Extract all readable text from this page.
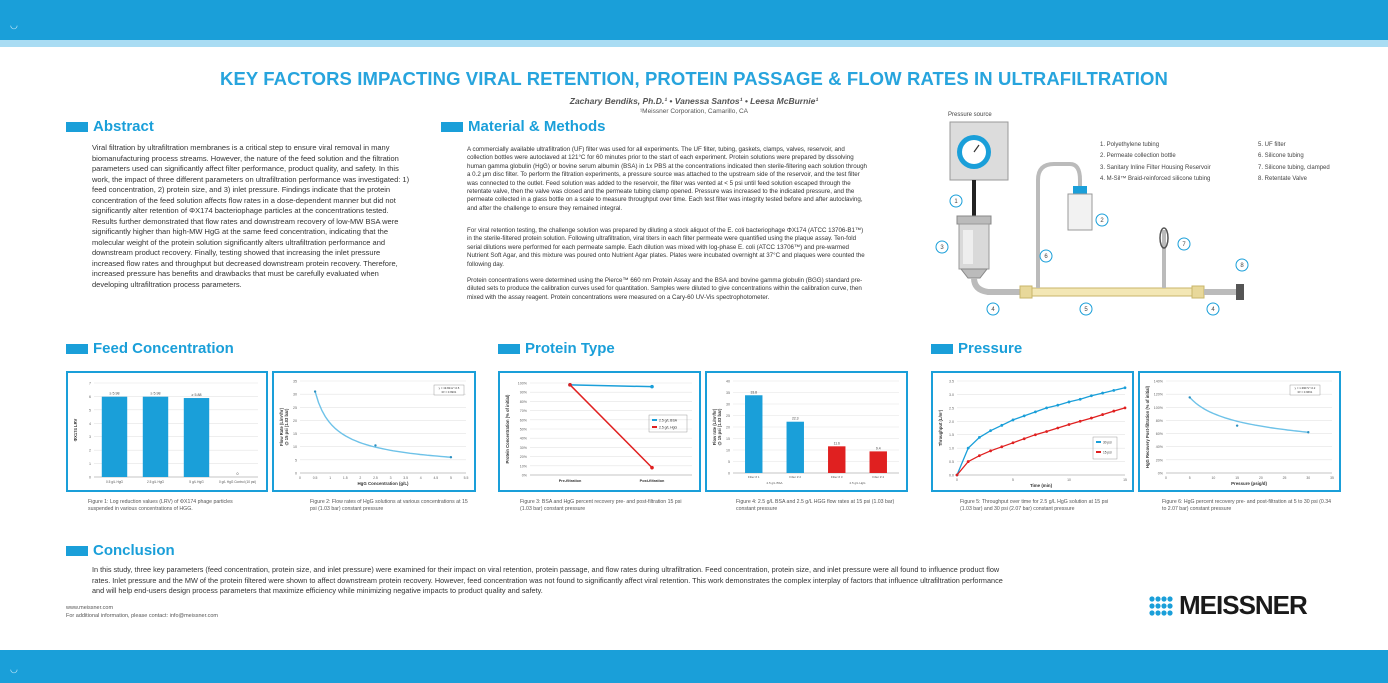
◡
◡
KEY FACTORS IMPACTING VIRAL RETENTION, PROTEIN PASSAGE & FLOW RATES IN ULTRAFILTRATION
Zachary Bendiks, Ph.D.¹ • Vanessa Santos¹ • Leesa McBurnie¹
¹Meissner Corporation, Camarillo, CA
Abstract
Viral filtration by ultrafiltration membranes is a critical step to ensure viral removal in many biomanufacturing process streams. However, the nature of the feed solution and the filtration parameters used can significantly affect filter performance, product quality, and safety. In this work, the impact of three different parameters on ultrafiltration performance was investigated: 1) feed concentration, 2) protein size, and 3) inlet pressure. Findings indicate that the protein concentration of the feed solution affects flow rates in a dose-dependent manner but did not significantly alter retention of ΦX174 bacteriophage particles at the concentrations tested. Results further demonstrated that flow rates and downstream recovery of low-MW BSA were significantly higher than high-MW HgG at the same feed concentration, indicating that the molecular weight of the protein solution significantly alters ultrafiltration performance and downstream product recovery. Finally, testing showed that increasing the inlet pressure increased flow rates and throughput but decreased downstream protein recovery. Therefore, increased pressure has benefits and drawbacks that must be carefully evaluated when developing ultrafiltration process parameters.
Material & Methods
A commercially available ultrafiltration (UF) filter was used for all experiments. The UF filter, tubing, gaskets, clamps, valves, reservoir, and collection bottles were autoclaved at 121°C for 60 minutes prior to the start of each experiment. Protein solutions were prepared by dissolving human gamma globulin (HgG) or bovine serum albumin (BSA) in 1x PBS at the concentrations indicated then sterile-filtering each solution through a 0.2 µm disc filter. To perform the filtration experiments, a pressure source was attached to the upstream side of the reservoir, and the test filter was connected to the outlet. Feed solution was added to the reservoir, the filter was vented at < 5 psi until feed solution escaped through the retentate valve, then the valve was closed and the permeate tubing clamp opened. Pressure was increased to the indicated pressure, and the permeate collected in a glass bottle on a scale to measure throughput over time. Each test filter was integrity tested before and after autoclaving, and after the challenge to ensure they remained integral.
For viral retention testing, the challenge solution was prepared by diluting a stock aliquot of the E. coli bacteriophage ΦX174 (ATCC 13706-B1™) in the sterile-filtered protein solution. Following ultrafiltration, viral titers in each filter permeate were quantified using the plaque assay. Ten-fold serial dilutions were performed for each permeate sample. Each dilution was mixed with log-phase E. coli (ATCC 13706™) and pre-warmed Nutrient Soft Agar, and this mixture was poured onto Nutrient Agar plates. Plates were incubated overnight at 37°C and plaques were counted the following day.
Protein concentrations were determined using the Pierce™ 660 nm Protein Assay and the BSA and bovine gamma globulin (BGG) standard pre-diluted sets to produce the calibration curves used for quantitation. Samples were diluted to give concentrations within the calibration curve, then mixed with the assay reagent. Protein concentrations were measured on a Cary-60 UV-Vis spectrophotometer.
Pressure source
1
2
3
4	4
5
6
7
8
1. Polyethylene tubing
2. Permeate collection bottle
3. Sanitary Inline Filter Housing Reservoir
4. M-Sil™ Braid-reinforced silicone tubing
5. UF filter
6. Silicone tubing
7. Silicone tubing, clamped
8. Retentate Valve
Feed Concentration	Protein Type	Pressure
0
1
2
3
4
5
6
7
ΦX174 LRV
≥ 5.98
0.5 g/L HgG
≥ 5.98
2.5 g/L HgG
≥ 5.88
5 g/L HgG
0
0 g/L HgG Control (10 psi)
0
5
10
15
20
25
30
35
Flow Rate (L/m²/hr) @ 15 psi (1.03 bar)
0	0.5	1	1.5	2	2.5	3	3.5	4	4.5	5	5.5
HgG Concentration (g/L)
y = 19.821x^-0.5
R² = 0.9901
0%
10%
20%
30%
40%
50%
60%
70%
80%
90%
100%
Protein Concentration (% of initial)
Pre-filtration	Post-filtration
2.5 g/L BSA
2.5 g/L HgG
0
5
10
15
20
25
30
35
40
Flow rate (L/m²/hr) @ 15 psi (1.03 bar)
33.8
Filter # 1
22.3
Filter # 2
11.6
Filter # 3
9.4
Filter # 4
2.5 g/L BSA	2.5 g/L HgG
0.0
0.5
1.0
1.5
2.0
2.5
3.0
3.5
Throughput (L/m²)
0	5	10	15
Time (min)
30 psi
15 psi
0%
20%
40%
60%
80%
100%
120%
140%
HgG Recovery Post-filtration (% of initial)
0	5	10	15	20	25	30	35
Pressure (psig/d)
y = 1.3907x^-0.2
R² = 0.9661
Figure 1: Log reduction values (LRV) of ΦX174 phage particles suspended in various concentrations of HGG.
Figure 2: Flow rates of HgG solutions at various concentrations at 15 psi (1.03 bar) constant pressure
Figure 3: BSA and HgG percent recovery pre- and post-filtration 15 psi (1.03 bar) constant pressure
Figure 4: 2.5 g/L BSA and 2.5 g/L HGG flow rates at 15 psi (1.03 bar) constant pressure
Figure 5: Throughput over time for 2.5 g/L HgG solution at 15 psi (1.03 bar) and 30 psi (2.07 bar) constant pressure
Figure 6: HgG percent recovery pre- and post-filtration at 5 to 30 psi (0.34 to 2.07 bar) constant pressure
Conclusion
In this study, three key parameters (feed concentration, protein size, and inlet pressure) were examined for their impact on viral retention, protein passage, and flow rates during ultrafiltration. Feed concentration, protein size, and inlet pressure were all found to influence product flow rates. Inlet pressure and the MW of the protein filtered were shown to affect downstream protein recovery. However, feed concentration was not found to significantly affect viral retention. This work demonstrates the complex interplay of factors that influence ultrafiltration performance and will help end-users design process parameters that maximize efficiency while minimizing negative impacts to product quality and safety.
www.meissner.com
For additional information, please contact: info@meissner.com	MEISSNER
